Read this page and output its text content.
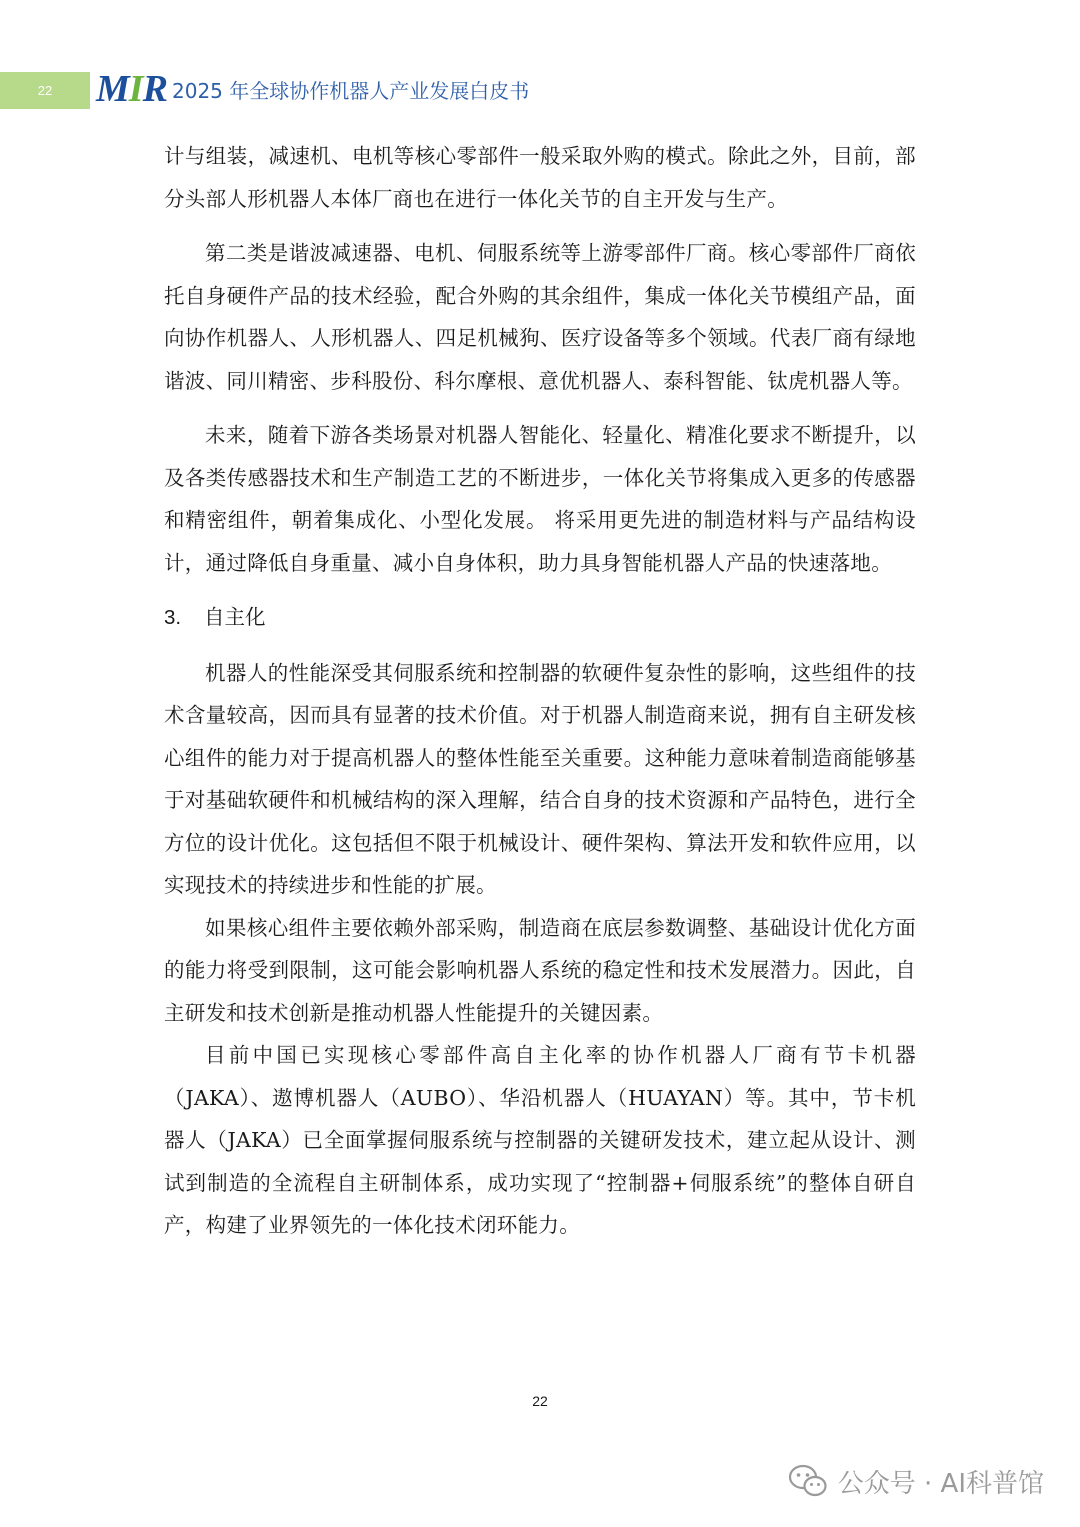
22	MIR 2025 年全球协作机器人产业发展白皮书

计与组装，减速机、电机等核心零部件一般采取外购的模式。除此之外，目前，部分头部人形机器人本体厂商也在进行一体化关节的自主开发与生产。

第二类是谐波减速器、电机、伺服系统等上游零部件厂商。核心零部件厂商依托自身硬件产品的技术经验，配合外购的其余组件，集成一体化关节模组产品，面向协作机器人、人形机器人、四足机械狗、医疗设备等多个领域。代表厂商有绿地谐波、同川精密、步科股份、科尔摩根、意优机器人、泰科智能、钛虎机器人等。

未来，随着下游各类场景对机器人智能化、轻量化、精准化要求不断提升，以及各类传感器技术和生产制造工艺的不断进步，一体化关节将集成入更多的传感器和精密组件，朝着集成化、小型化发展。 将采用更先进的制造材料与产品结构设计，通过降低自身重量、减小自身体积，助力具身智能机器人产品的快速落地。

3. 自主化

机器人的性能深受其伺服系统和控制器的软硬件复杂性的影响，这些组件的技术含量较高，因而具有显著的技术价值。对于机器人制造商来说，拥有自主研发核心组件的能力对于提高机器人的整体性能至关重要。这种能力意味着制造商能够基于对基础软硬件和机械结构的深入理解，结合自身的技术资源和产品特色，进行全方位的设计优化。这包括但不限于机械设计、硬件架构、算法开发和软件应用，以实现技术的持续进步和性能的扩展。

如果核心组件主要依赖外部采购，制造商在底层参数调整、基础设计优化方面的能力将受到限制，这可能会影响机器人系统的稳定性和技术发展潜力。因此，自主研发和技术创新是推动机器人性能提升的关键因素。

目前中国已实现核心零部件高自主化率的协作机器人厂商有节卡机器（JAKA）、遨博机器人（AUBO）、华沿机器人（HUAYAN）等。其中，节卡机器人（JAKA）已全面掌握伺服系统与控制器的关键研发技术，建立起从设计、测试到制造的全流程自主研制体系，成功实现了“控制器+伺服系统”的整体自研自产，构建了业界领先的一体化技术闭环能力。

22
公众号 · AI科普馆
